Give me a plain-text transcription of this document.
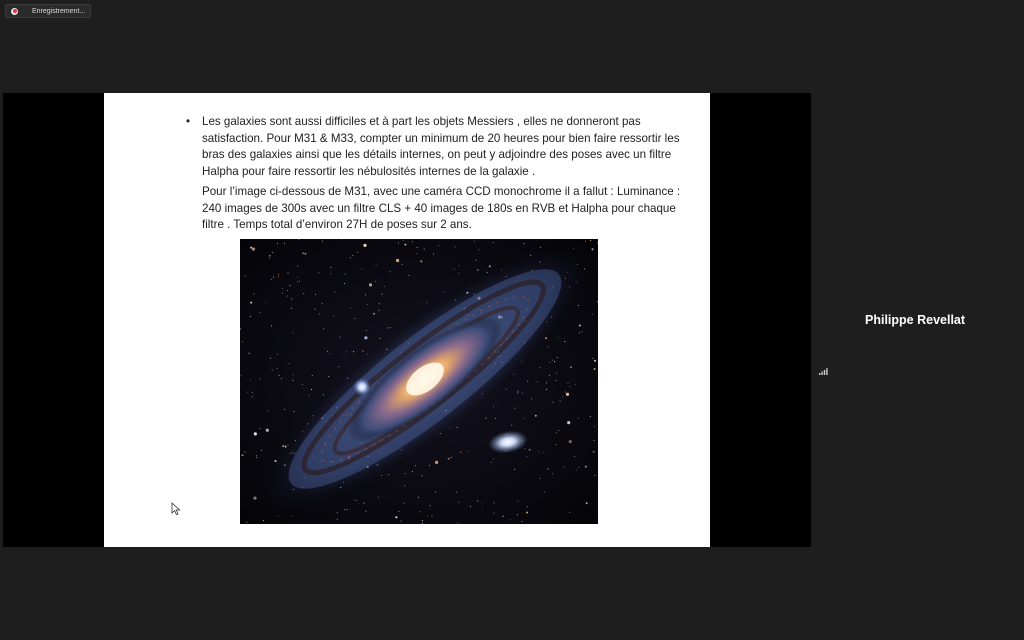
Enregistrement...
•	Les galaxies sont aussi difficiles et à part les objets Messiers , elles ne donneront pas satisfaction. Pour M31 & M33, compter un minimum de 20 heures pour bien faire ressortir les bras des galaxies ainsi que les détails internes, on peut y adjoindre des poses avec un filtre Halpha pour faire ressortir les nébulosités internes de la galaxie .

Pour l’image ci-dessous de M31, avec une caméra CCD monochrome il a fallut : Luminance : 240 images de 300s avec un filtre CLS + 40 images de 180s en RVB et Halpha pour chaque filtre . Temps total d’environ 27H de poses sur 2 ans.

Philippe Revellat
